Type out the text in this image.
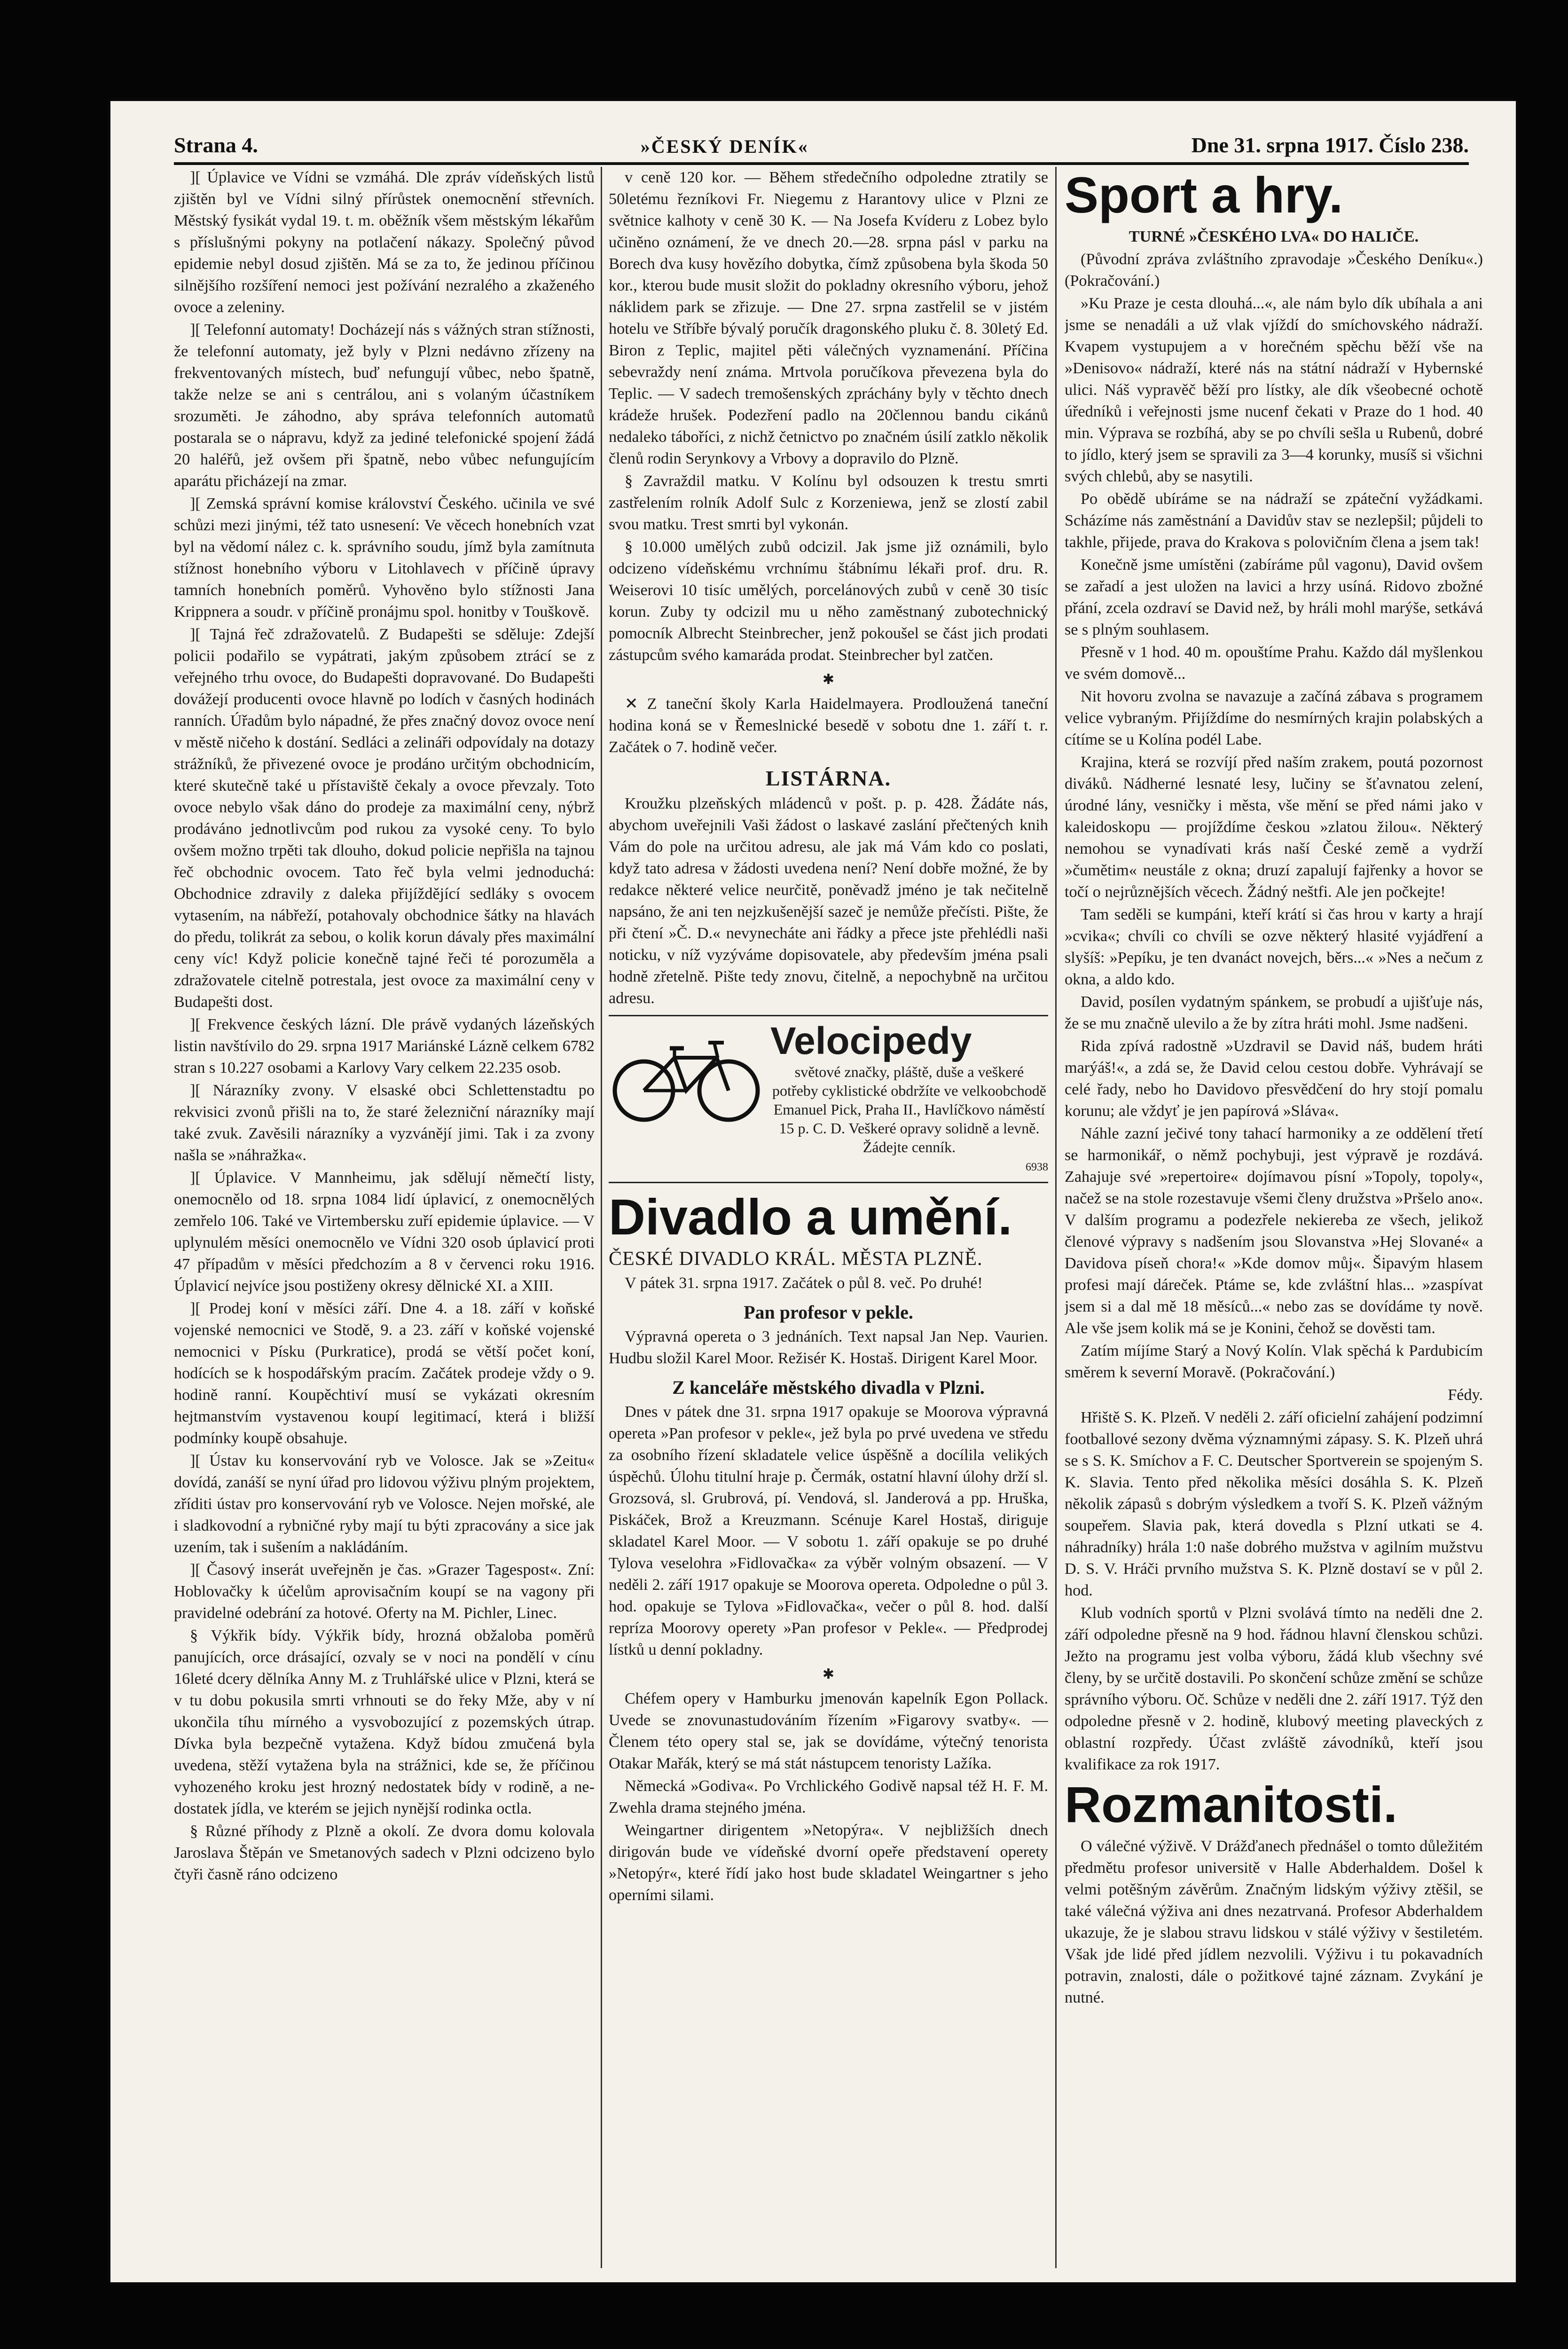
Strana 4.	»ČESKÝ DENÍK«	Dne 31. srpna 1917. Číslo 238.

][ Úplavice ve Vídni se vzmáhá. Dle zpráv vídeňských listů zjištěn byl ve Vídni silný přírůstek onemocnění střevních. Městský fysikát vydal 19. t. m. oběžník všem městským lékařům s příslušnými pokyny na potlačení nákazy. Společný původ epidemie nebyl dosud zjištěn. Má se za to, že jedinou příčinou silnějšího rozšíření nemoci jest požívání nezralého a zkaženého ovoce a zeleniny.

][ Telefonní automaty! Docházejí nás s vážných stran stížnosti, že telefonní automaty, jež byly v Plzni nedávno zřízeny na frekventovaných místech, buď nefungují vůbec, nebo špatně, takže nelze se ani s centrálou, ani s volaným účastníkem srozuměti. Je záhodno, aby správa telefonních automatů postarala se o nápravu, když za jediné telefonické spojení žádá 20 haléřů, jež ovšem při špatně, nebo vůbec nefungujícím aparátu přicházejí na zmar.

][ Zemská správní komise království Českého. učinila ve své schůzi mezi jinými, též tato usnesení: Ve věcech honebních vzat byl na vědomí nález c. k. správního soudu, jímž byla zamítnuta stížnost honebního výboru v Litohlavech v příčině úpravy tamních honebních poměrů. Vyhověno bylo stížnosti Jana Krippnera a soudr. v příčině pronájmu spol. honitby v Touškově.

][ Tajná řeč zdražovatelů. Z Budapešti se sděluje: Zdejší policii podařilo se vypátrati, jakým způsobem ztrácí se z veřejného trhu ovoce, do Budapešti dopravované. Do Budapešti dovážejí producenti ovoce hlavně po lodích v časných hodinách ranních. Úřadům bylo nápadné, že přes značný dovoz ovoce není v městě ničeho k dostání. Sedláci a zelináři odpovídaly na dotazy strážníků, že přivezené ovoce je prodáno určitým obchodnicím, které skutečně také u přístaviště čekaly a ovoce převzaly. Toto ovoce nebylo však dáno do prodeje za maximální ceny, nýbrž prodáváno jednotlivcům pod rukou za vysoké ceny. To bylo ovšem možno trpěti tak dlouho, dokud policie nepřišla na tajnou řeč obchodnic ovocem. Tato řeč byla velmi jednoduchá: Obchodnice zdravily z daleka přijíždějící sedláky s ovocem vytasením, na nábřeží, potahovaly obchodnice šátky na hlavách do předu, tolikrát za sebou, o kolik korun dávaly přes maximální ceny víc! Když policie konečně tajné řeči té porozuměla a zdražovatele citelně potrestala, jest ovoce za maximální ceny v Budapešti dost.

][ Frekvence českých lázní. Dle právě vydaných lázeňských listin navštívilo do 29. srpna 1917 Mariánské Lázně celkem 6782 stran s 10.227 osobami a Karlovy Vary celkem 22.235 osob.

][ Nárazníky zvony. V elsaské obci Schlettenstadtu po rekvisici zvonů přišli na to, že staré železniční nárazníky mají také zvuk. Zavěsili nárazníky a vyzvánějí jimi. Tak i za zvony našla se »náhražka«.

][ Úplavice. V Mannheimu, jak sdělují němečtí listy, onemocnělo od 18. srpna 1084 lidí úplavicí, z onemocnělých zemřelo 106. Také ve Virtembersku zuří epidemie úplavice. — V uplynulém měsíci onemocnělo ve Vídni 320 osob úplavicí proti 47 případům v měsíci předchozím a 8 v červenci roku 1916. Úplavicí nejvíce jsou postiženy okresy dělnické XI. a XIII.

][ Prodej koní v měsíci září. Dne 4. a 18. září v koňské vojenské nemocnici ve Stodě, 9. a 23. září v koňské vojenské nemocnici v Písku (Purkratice), prodá se větší počet koní, hodících se k hospodářským pracím. Začátek prodeje vždy o 9. hodině ranní. Koupěchtiví musí se vykázati okresním hejtmanstvím vystavenou koupí legitimací, která i bližší podmínky koupě obsahuje.

][ Ústav ku konservování ryb ve Volosce. Jak se »Zeitu« dovídá, zanáší se nyní úřad pro lidovou výživu plným projektem, zříditi ústav pro konservování ryb ve Volosce. Nejen mořské, ale i sladkovodní a rybničné ryby mají tu býti zpracovány a sice jak uzením, tak i sušením a nakládáním.

][ Časový inserát uveřejněn je čas. »Grazer Tagespost«. Zní: Hoblovačky k účelům aprovisačním koupí se na vagony při pravidelné odebrání za hotové. Oferty na M. Pichler, Linec.

§ Výkřik bídy. Výkřik bídy, hrozná obžaloba poměrů panujících, orce drásající, ozvaly se v noci na pondělí v cínu 16leté dcery dělníka Anny M. z Truhlářské ulice v Plzni, která se v tu dobu pokusila smrti vrhnouti se do řeky Mže, aby v ní ukončila tíhu mírného a vysvobozující z pozemských útrap. Dívka byla bezpečně vytažena. Když bídou zmučená byla uvedena, stěží vytažena byla na strážnici, kde se, že příčinou vyhozeného kroku jest hrozný nedostatek bídy v rodině, a nedostatek jídla, ve kterém se jejich nynější rodinka octla.

§ Různé příhody z Plzně a okolí. Ze dvora domu kolovala Jaroslava Štěpán ve Smetanových sadech v Plzni odcizeno bylo čtyři časně ráno odcizeno

v ceně 120 kor. — Během středečního odpoledne ztratily se 50letému řezníkovi Fr. Niegemu z Harantovy ulice v Plzni ze světnice kalhoty v ceně 30 K. — Na Josefa Kvíderu z Lobez bylo učiněno oznámení, že ve dnech 20.—28. srpna pásl v parku na Borech dva kusy hovězího dobytka, čímž způsobena byla škoda 50 kor., kterou bude musit složit do pokladny okresního výboru, jehož náklidem park se zřizuje. — Dne 27. srpna zastřelil se v jistém hotelu ve Stříbře bývalý poručík dragonského pluku č. 8. 30letý Ed. Biron z Teplic, majitel pěti válečných vyznamenání. Příčina sebevraždy není známa. Mrtvola poručíkova převezena byla do Teplic. — V sadech tremošenských zpráchány byly v těchto dnech krádeže hrušek. Podezření padlo na 20člennou bandu cikánů nedaleko táboříci, z nichž četnictvo po značném úsilí zatklo několik členů rodin Serynkovy a Vrbovy a dopravilo do Plzně.

§ Zavraždil matku. V Kolínu byl odsouzen k trestu smrti zastřelením rolník Adolf Sulc z Korzeniewa, jenž se zlostí zabil svou matku. Trest smrti byl vykonán.

§ 10.000 umělých zubů odcizil. Jak jsme již oznámili, bylo odcizeno vídeňskému vrchnímu štábnímu lékaři prof. dru. R. Weiserovi 10 tisíc umělých, porcelánových zubů v ceně 30 tisíc korun. Zuby ty odcizil mu u něho zaměstnaný zubotechnický pomocník Albrecht Steinbrecher, jenž pokoušel se část jich prodati zástupcům svého kamaráda prodat. Steinbrecher byl zatčen.

✱

✕ Z taneční školy Karla Haidelmayera. Prodloužená taneční hodina koná se v Řemeslnické besedě v sobotu dne 1. září t. r. Začátek o 7. hodině večer.

LISTÁRNA.

Kroužku plzeňských mládenců v pošt. p. p. 428. Žádáte nás, abychom uveřejnili Vaši žádost o laskavé zaslání přečtených knih Vám do pole na určitou adresu, ale jak má Vám kdo co poslati, když tato adresa v žádosti uvedena není? Není dobře možné, že by redakce některé velice neurčitě, poněvadž jméno je tak nečitelně napsáno, že ani ten nejzkušenější sazeč je nemůže přečísti. Pište, že při čtení »Č. D.« nevynecháte ani řádky a přece jste přehlédli naši noticku, v níž vyzýváme dopisovatele, aby především jména psali hodně zřetelně. Pište tedy znovu, čitelně, a nepochybně na určitou adresu.

Velocipedy
světové značky, pláště, duše a veškeré potřeby cyklistické obdržíte ve velkoobchodě Emanuel Pick, Praha II., Havlíčkovo náměstí 15 p. C. D. Veškeré opravy solidně a levně. Žádejte cenník.
6938
Divadlo a umění.

ČESKÉ DIVADLO KRÁL. MĚSTA PLZNĚ.

V pátek 31. srpna 1917. Začátek o půl 8. več. Po druhé!

Pan profesor v pekle.

Výpravná opereta o 3 jednáních. Text napsal Jan Nep. Vaurien. Hudbu složil Karel Moor. Režisér K. Hostaš. Dirigent Karel Moor.

Z kanceláře městského divadla v Plzni.

Dnes v pátek dne 31. srpna 1917 opakuje se Moorova výpravná opereta »Pan profesor v pekle«, jež byla po prvé uvedena ve středu za osobního řízení skladatele velice úspěšně a docílila velikých úspěchů. Úlohu titulní hraje p. Čermák, ostatní hlavní úlohy drží sl. Grozsová, sl. Grubrová, pí. Vendová, sl. Janderová a pp. Hruška, Piskáček, Brož a Kreuzmann. Scénuje Karel Hostaš, diriguje skladatel Karel Moor. — V sobotu 1. září opakuje se po druhé Tylova veselohra »Fidlovačka« za výběr volným obsazení. — V neděli 2. září 1917 opakuje se Moorova opereta. Odpoledne o půl 3. hod. opakuje se Tylova »Fidlovačka«, večer o půl 8. hod. další repríza Moorovy operety »Pan profesor v Pekle«. — Předprodej lístků u denní pokladny.

✱

Chéfem opery v Hamburku jmenován kapelník Egon Pollack. Uvede se znovunastudováním řízením »Figarovy svatby«. — Členem této opery stal se, jak se dovídáme, výtečný tenorista Otakar Mařák, který se má stát nástupcem tenoristy Lažíka.

Německá »Godiva«. Po Vrchlického Godivě napsal též H. F. M. Zwehla drama stejného jména.

Weingartner dirigentem »Netopýra«. V nejbližších dnech dirigován bude ve vídeňské dvorní opeře představení operety »Netopýr«, které řídí jako host bude skladatel Weingartner s jeho operními silami.

Sport a hry.

TURNÉ »ČESKÉHO LVA« DO HALIČE.

(Původní zpráva zvláštního zpravodaje »Českého Deníku«.) (Pokračování.)

»Ku Praze je cesta dlouhá...«, ale nám bylo dík ubíhala a ani jsme se nenadáli a už vlak vjíždí do smíchovského nádraží. Kvapem vystupujem a v horečném spěchu běží vše na »Denisovo« nádraží, které nás na státní nádraží v Hybernské ulici. Náš vypravěč běží pro lístky, ale dík všeobecné ochotě úředníků i veřejnosti jsme nucenf čekati v Praze do 1 hod. 40 min. Výprava se rozbíhá, aby se po chvíli sešla u Rubenů, dobré to jídlo, který jsem se spravili za 3—4 korunky, musíš si všichni svých chlebů, aby se nasytili.

Po obědě ubíráme se na nádraží se zpáteční vyžádkami. Scházíme nás zaměstnání a Davidův stav se nezlepšil; půjdeli to takhle, přijede, prava do Krakova s polovičním člena a jsem tak!

Konečně jsme umístěni (zabíráme půl vagonu), David ovšem se zařadí a jest uložen na lavici a hrzy usíná. Ridovo zbožné přání, zcela ozdraví se David než, by hráli mohl marýše, setkává se s plným souhlasem.

Přesně v 1 hod. 40 m. opouštíme Prahu. Každo dál myšlenkou ve svém domově...

Nit hovoru zvolna se navazuje a začíná zábava s programem velice vybraným. Přijíždíme do nesmírných krajin polabských a cítíme se u Kolína podél Labe.

Krajina, která se rozvíjí před naším zrakem, poutá pozornost diváků. Nádherné lesnaté lesy, lučiny se šťavnatou zelení, úrodné lány, vesničky i města, vše mění se před námi jako v kaleidoskopu — projíždíme českou »zlatou žilou«. Některý nemohou se vynadívati krás naší České země a vydrží »čumětim« neustále z okna; druzí zapalují fajřenky a hovor se točí o nejrůznějších věcech. Žádný neštfi. Ale jen počkejte!

Tam seděli se kumpáni, kteří krátí si čas hrou v karty a hrají »cvika«; chvíli co chvíli se ozve některý hlasité vyjádření a slyšíš: »Pepíku, je ten dvanáct novejch, běrs...« »Nes a nečum z okna, a aldo kdo.

David, posílen vydatným spánkem, se probudí a ujišťuje nás, že se mu značně ulevilo a že by zítra hráti mohl. Jsme nadšeni.

Rida zpívá radostně »Uzdravil se David náš, budem hráti marýáš!«, a zdá se, že David celou cestou dobře. Vyhrávají se celé řady, nebo ho Davidovo přesvědčení do hry stojí pomalu korunu; ale vždyť je jen papírová »Sláva«.

Náhle zazní ječivé tony tahací harmoniky a ze oddělení třetí se harmonikář, o němž pochybuji, jest výpravě je rozdává. Zahajuje své »repertoire« dojímavou písní »Topoly, topoly«, načež se na stole rozestavuje všemi členy družstva »Pršelo ano«. V dalším programu a podezřele nekiereba ze všech, jelikož členové výpravy s nadšením jsou Slovanstva »Hej Slované« a Davidova píseň chora!« »Kde domov můj«. Šipavým hlasem profesi mají dáreček. Ptáme se, kde zvláštní hlas... »zaspívat jsem si a dal mě 18 měsíců...« nebo zas se dovídáme ty nově. Ale vše jsem kolik má se je Konini, čehož se dověsti tam.

Zatím míjíme Starý a Nový Kolín. Vlak spěchá k Pardubicím směrem k severní Moravě. (Pokračování.)

Fédy.

Hřiště S. K. Plzeň. V neděli 2. září oficielní zahájení podzimní footballové sezony dvěma významnými zápasy. S. K. Plzeň uhrá se s S. K. Smíchov a F. C. Deutscher Sportverein se spojeným S. K. Slavia. Tento před několika měsíci dosáhla S. K. Plzeň několik zápasů s dobrým výsledkem a tvoří S. K. Plzeň vážným soupeřem. Slavia pak, která dovedla s Plzní utkati se 4. náhradníky) hrála 1:0 naše dobrého mužstva v agilním mužstvu D. S. V. Hráči prvního mužstva S. K. Plzně dostaví se v půl 2. hod.

Klub vodních sportů v Plzni svolává tímto na neděli dne 2. září odpoledne přesně na 9 hod. řádnou hlavní členskou schůzi. Ježto na programu jest volba výboru, žádá klub všechny své členy, by se určitě dostavili. Po skončení schůze změní se schůze správního výboru. Oč. Schůze v neděli dne 2. září 1917. Týž den odpoledne přesně v 2. hodině, klubový meeting plaveckých z oblastní rozpředy. Účast zvláště závodníků, kteří jsou kvalifikace za rok 1917.

Rozmanitosti.

O válečné výživě. V Drážďanech přednášel o tomto důležitém předmětu profesor universitě v Halle Abderhaldem. Došel k velmi potěšným závěrům. Značným lidským výživy ztěšil, se také válečná výživa ani dnes nezatrvaná. Profesor Abderhaldem ukazuje, že je slabou stravu lidskou v stálé výživy v šestiletém. Však jde lidé před jídlem nezvolili. Výživu i tu pokavadních potravin, znalosti, dále o požitkové tajné záznam. Zvykání je nutné.
